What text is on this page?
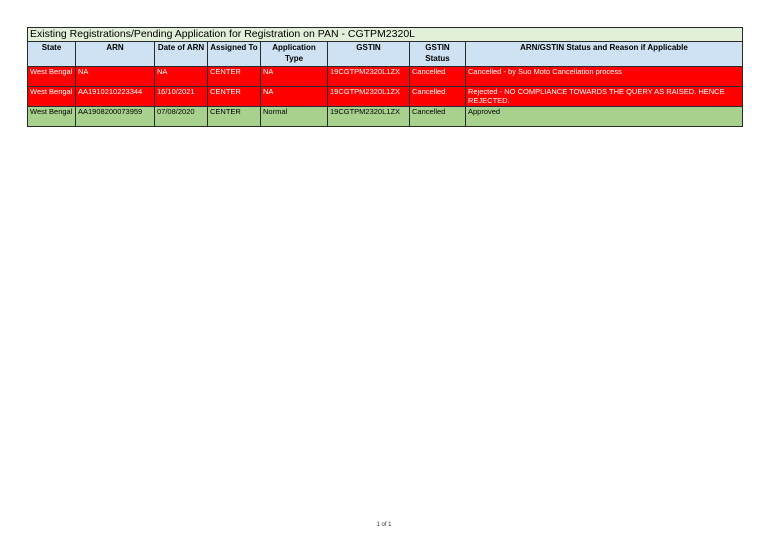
Existing Registrations/Pending Application for Registration on PAN - CGTPM2320L							
State	ARN	Date of ARN	Assigned To	Application Type	GSTIN	GSTIN Status	ARN/GSTIN Status and Reason if Applicable
West Bengal	NA	NA	CENTER	NA	19CGTPM2320L1ZX	Cancelled	Cancelled - by Suo Moto Cancellation process
West Bengal	AA1910210223344	16/10/2021	CENTER	NA	19CGTPM2320L1ZX	Cancelled	Rejected - NO COMPLIANCE TOWARDS THE QUERY AS RAISED. HENCE REJECTED.
West Bengal	AA1908200073959	07/08/2020	CENTER	Normal	19CGTPM2320L1ZX	Cancelled	Approved
1 of 1
